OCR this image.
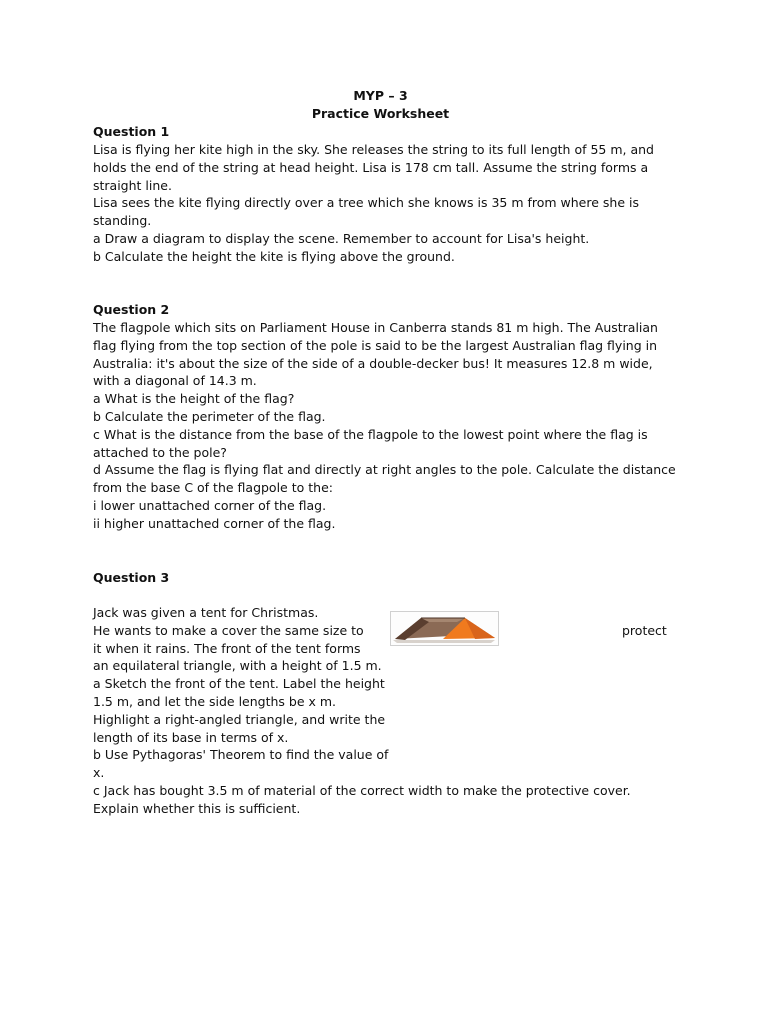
MYP – 3
Practice Worksheet
Question 1
Lisa is flying her kite high in the sky. She releases the string to its full length of 55 m, and
holds the end of the string at head height. Lisa is 178 cm tall. Assume the string forms a
straight line.
Lisa sees the kite flying directly over a tree which she knows is 35 m from where she is
standing.
a Draw a diagram to display the scene. Remember to account for Lisa's height.
b Calculate the height the kite is flying above the ground.
Question 2
The flagpole which sits on Parliament House in Canberra stands 81 m high. The Australian
flag flying from the top section of the pole is said to be the largest Australian flag flying in
Australia: it's about the size of the side of a double-decker bus! It measures 12.8 m wide,
with a diagonal of 14.3 m.
a What is the height of the flag?
b Calculate the perimeter of the flag.
c What is the distance from the base of the flagpole to the lowest point where the flag is
attached to the pole?
d Assume the flag is flying flat and directly at right angles to the pole. Calculate the distance
from the base C of the flagpole to the:
i lower unattached corner of the flag.
ii higher unattached corner of the flag.
Question 3
Jack was given a tent for Christmas.
He wants to make a cover the same size to
it when it rains. The front of the tent forms
an equilateral triangle, with a height of 1.5 m.
a Sketch the front of the tent. Label the height
1.5 m, and let the side lengths be x m.
Highlight a right-angled triangle, and write the
length of its base in terms of x.
b Use Pythagoras' Theorem to find the value of
x.
c Jack has bought 3.5 m of material of the correct width to make the protective cover.
Explain whether this is sufficient.
protect
